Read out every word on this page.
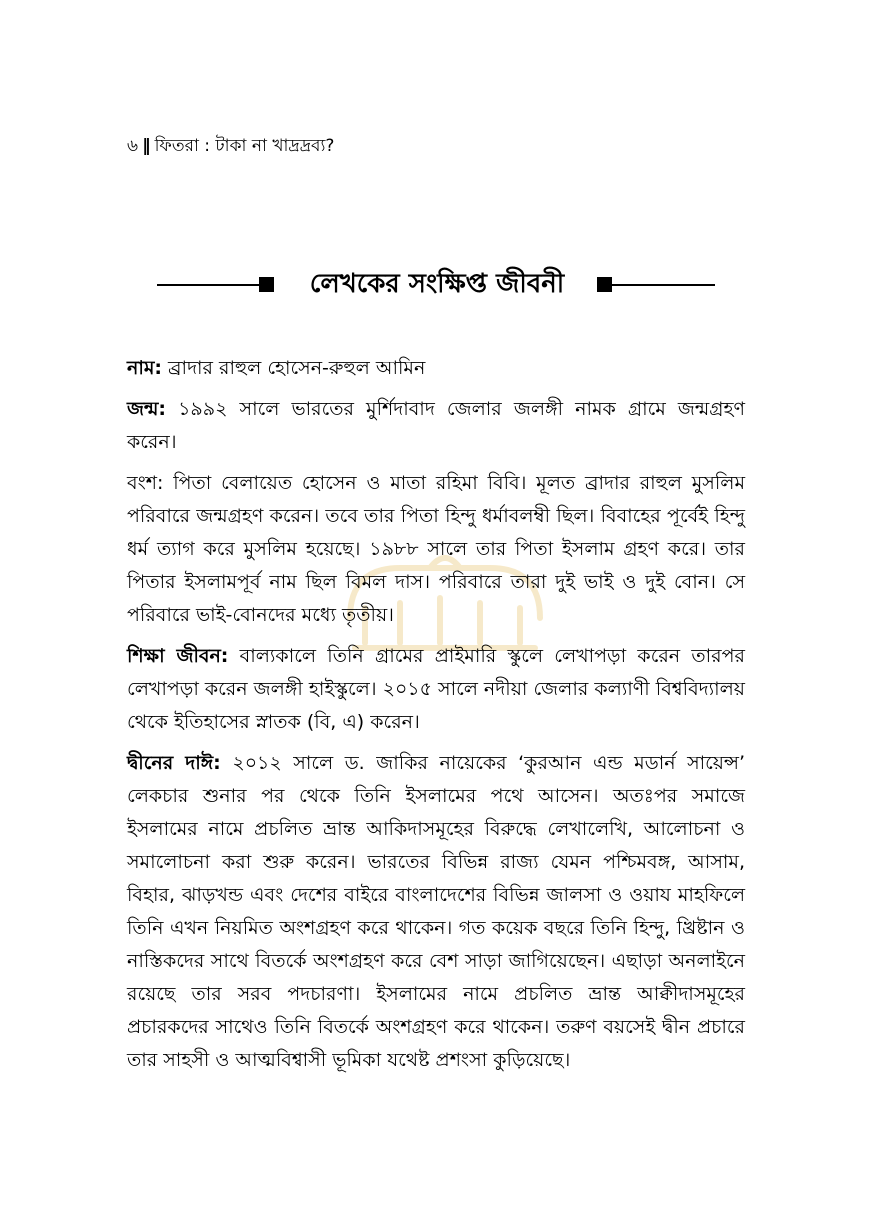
৬ ‖ ফিতরা : টাকা না খাদ্রদ্রব্য?
লেখকের সংক্ষিপ্ত জীবনী

নাম: ব্রাদার রাহুল হোসেন-রুহুল আমিন

জন্ম: ১৯৯২ সালে ভারতের মুর্শিদাবাদ জেলার জলঙ্গী নামক গ্রামে জন্মগ্রহণ করেন।

বংশ: পিতা বেলায়েত হোসেন ও মাতা রহিমা বিবি। মূলত ব্রাদার রাহুল মুসলিম পরিবারে জন্মগ্রহণ করেন। তবে তার পিতা হিন্দু ধর্মাবলম্বী ছিল। বিবাহের পূর্বেই হিন্দু ধর্ম ত্যাগ করে মুসলিম হয়েছে। ১৯৮৮ সালে তার পিতা ইসলাম গ্রহণ করে। তার পিতার ইসলামপূর্ব নাম ছিল বিমল দাস। পরিবারে তারা দুই ভাই ও দুই বোন। সে পরিবারে ভাই-বোনদের মধ্যে তৃতীয়।

শিক্ষা জীবন: বাল্যকালে তিনি গ্রামের প্রাইমারি স্কুলে লেখাপড়া করেন তারপর লেখাপড়া করেন জলঙ্গী হাইস্কুলে। ২০১৫ সালে নদীয়া জেলার কল্যাণী বিশ্ববিদ্যালয় থেকে ইতিহাসের স্নাতক (বি, এ) করেন।

দ্বীনের দাঈ: ২০১২ সালে ড. জাকির নায়েকের ‘কুরআন এন্ড মডার্ন সায়েন্স’ লেকচার শুনার পর থেকে তিনি ইসলামের পথে আসেন। অতঃপর সমাজে ইসলামের নামে প্রচলিত ভ্রান্ত আকিদাসমূহের বিরুদ্ধে লেখালেখি, আলোচনা ও সমালোচনা করা শুরু করেন। ভারতের বিভিন্ন রাজ্য যেমন পশ্চিমবঙ্গ, আসাম, বিহার, ঝাড়খন্ড এবং দেশের বাইরে বাংলাদেশের বিভিন্ন জালসা ও ওয়ায মাহফিলে তিনি এখন নিয়মিত অংশগ্রহণ করে থাকেন। গত কয়েক বছরে তিনি হিন্দু, খ্রিষ্টান ও নাস্তিকদের সাথে বিতর্কে অংশগ্রহণ করে বেশ সাড়া জাগিয়েছেন। এছাড়া অনলাইনে রয়েছে তার সরব পদচারণা। ইসলামের নামে প্রচলিত ভ্রান্ত আক্বীদাসমূহের প্রচারকদের সাথেও তিনি বিতর্কে অংশগ্রহণ করে থাকেন। তরুণ বয়সেই দ্বীন প্রচারে তার সাহসী ও আত্মবিশ্বাসী ভূমিকা যথেষ্ট প্রশংসা কুড়িয়েছে।
